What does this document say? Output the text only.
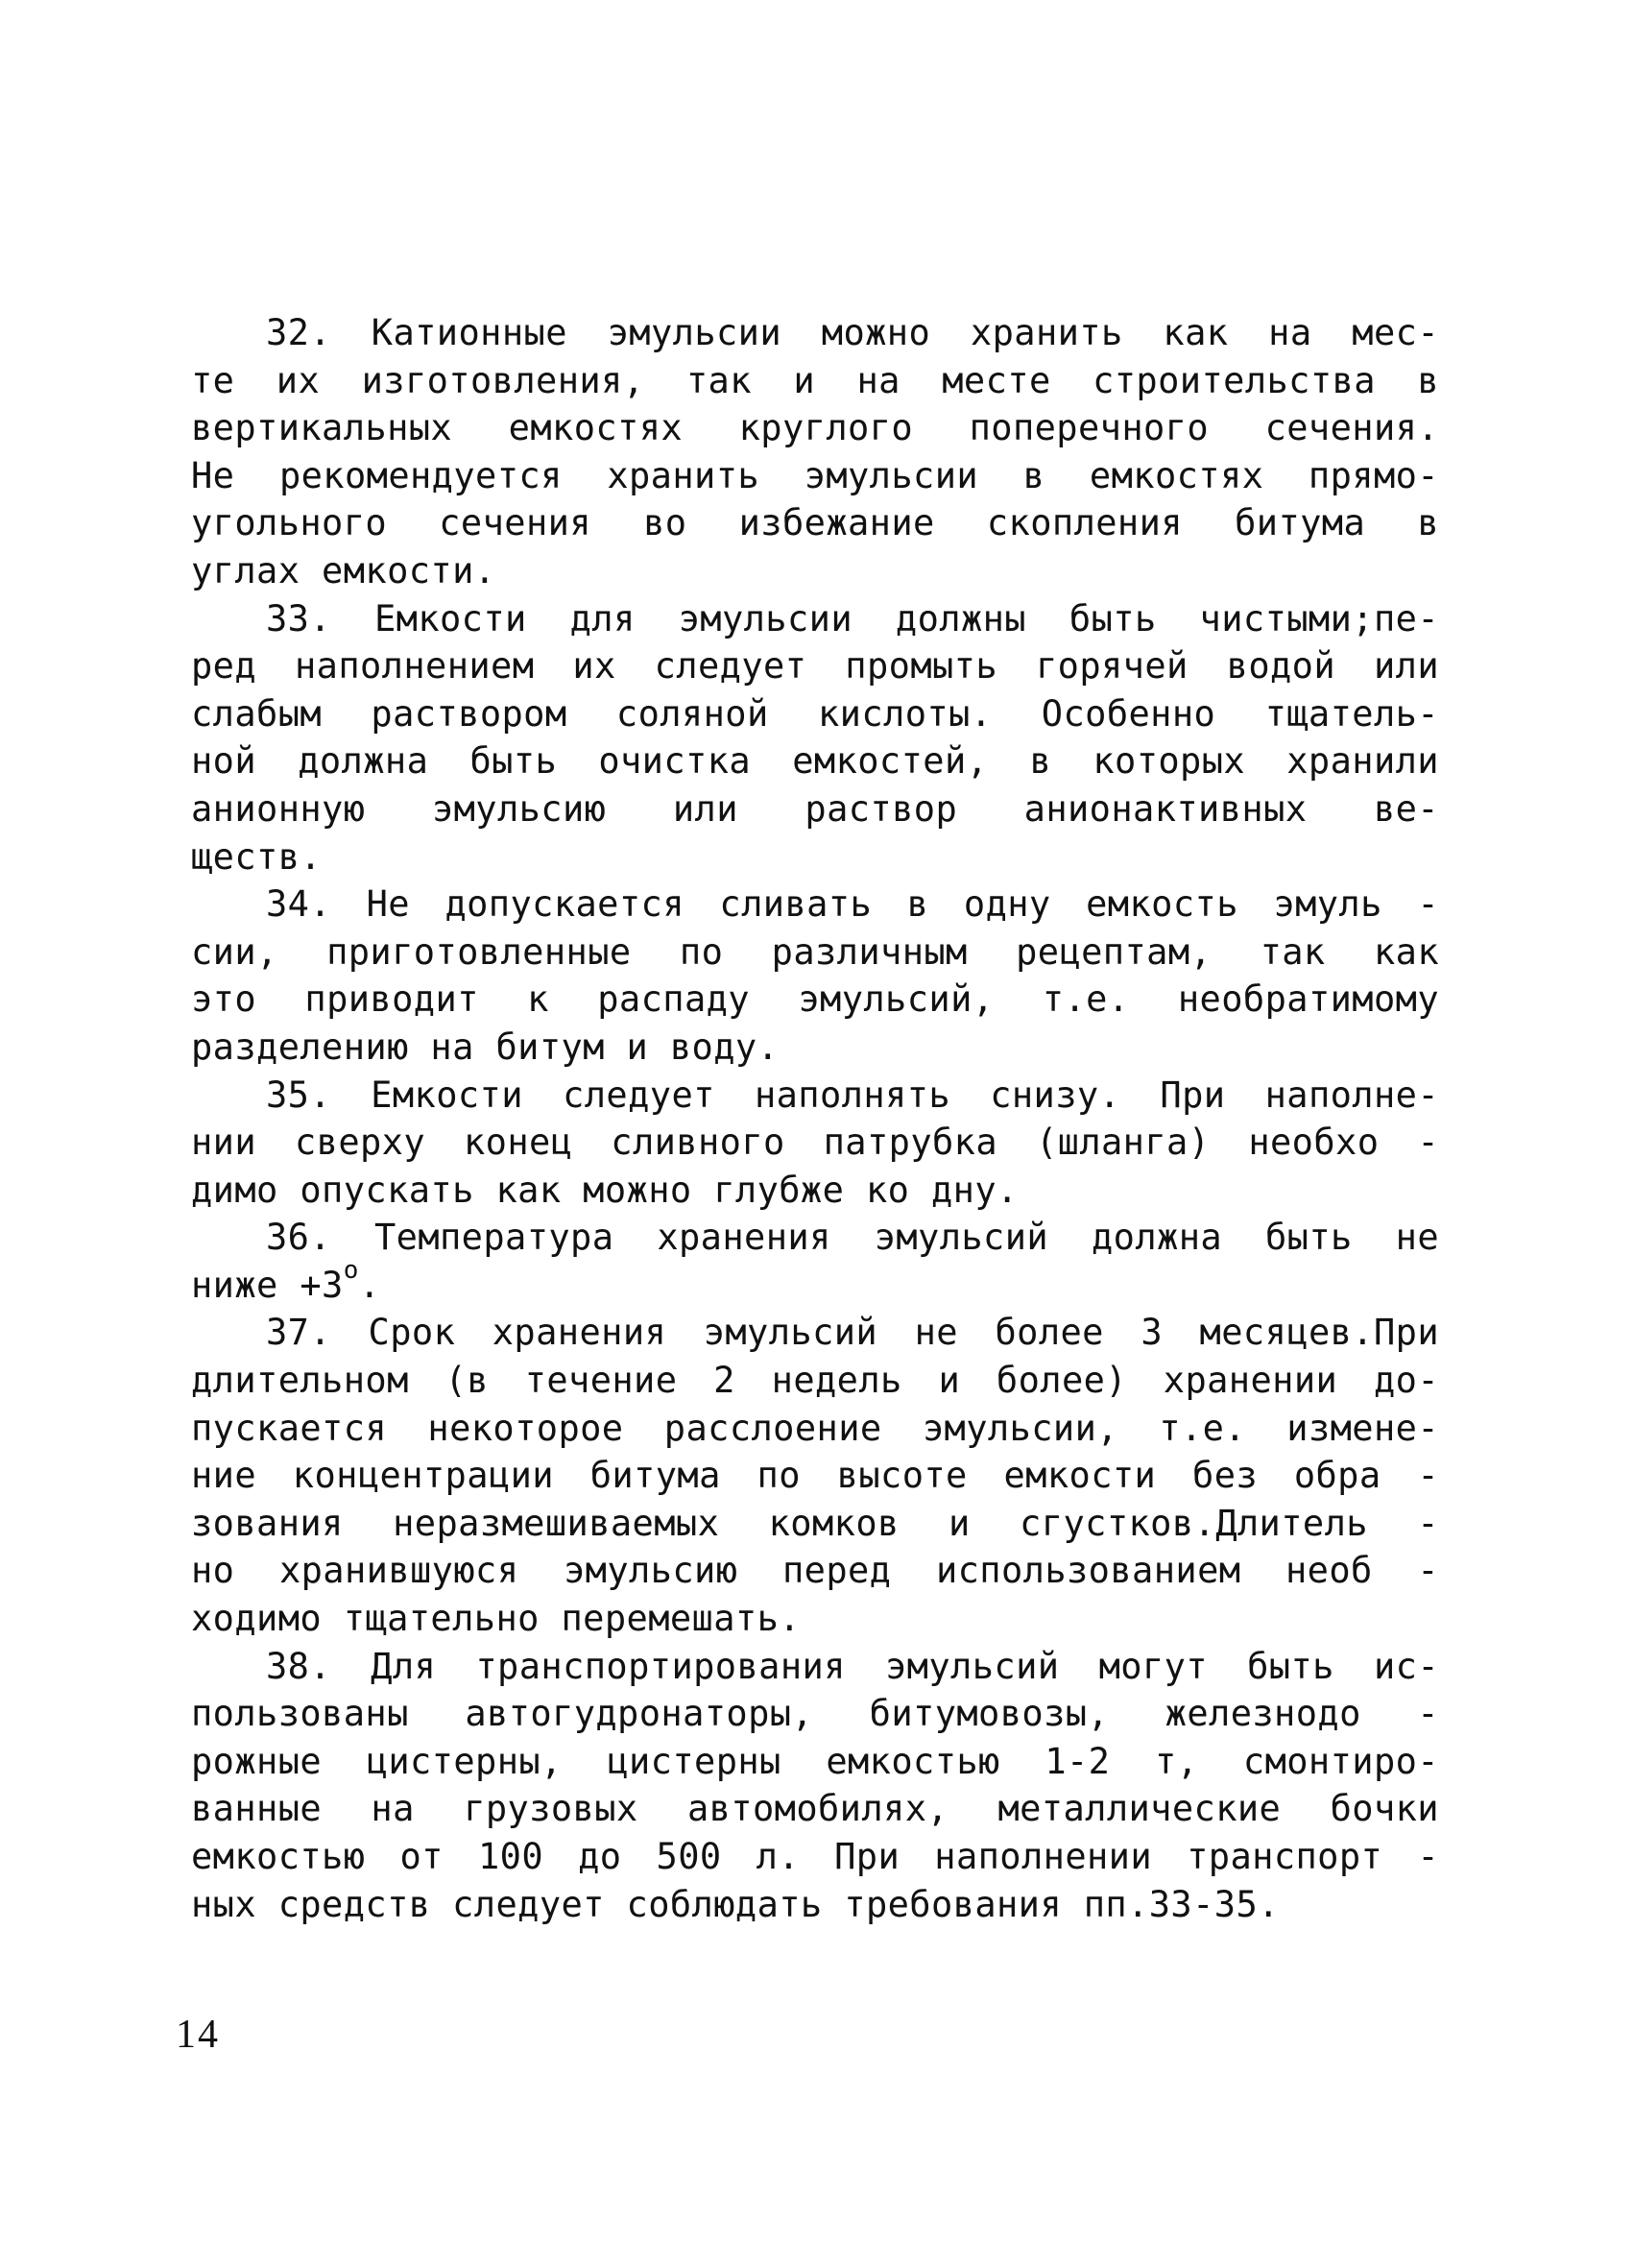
32. Катионные эмульсии можно хранить как на мес-
те их изготовления, так и на месте строительства в
вертикальных емкостях круглого поперечного сечения.
Не рекомендуется хранить эмульсии в емкостях прямо-
угольного сечения во избежание скопления битума в
углах емкости.
33. Емкости для эмульсии должны быть чистыми;пе-
ред наполнением их следует промыть горячей водой или
слабым раствором соляной кислоты. Особенно тщатель-
ной должна быть очистка емкостей, в которых хранили
анионную эмульсию или раствор анионактивных ве-
ществ.
34. Не допускается сливать в одну емкость эмуль -
сии, приготовленные по различным рецептам, так как
это приводит к распаду эмульсий, т.е. необратимому
разделению на битум и воду.
35. Емкости следует наполнять снизу. При наполне-
нии сверху конец сливного патрубка (шланга) необхо -
димо опускать как можно глубже ко дну.
36. Температура хранения эмульсий должна быть не
ниже $+3^о$.
37. Срок хранения эмульсий не более 3 месяцев.При
длительном (в течение 2 недель и более) хранении до-
пускается некоторое расслоение эмульсии, т.е. измене-
ние концентрации битума по высоте емкости без обра -
зования неразмешиваемых комков и сгустков.Длитель -
но хранившуюся эмульсию перед использованием необ -
ходимо тщательно перемешать.
38. Для транспортирования эмульсий могут быть ис-
пользованы автогудронаторы, битумовозы, железнодо -
рожные цистерны, цистерны емкостью 1-2 т, смонтиро-
ванные на грузовых автомобилях, металлические бочки
емкостью от 100 до 500 л. При наполнении транспорт -
ных средств следует соблюдать требования пп.33-35.
14
